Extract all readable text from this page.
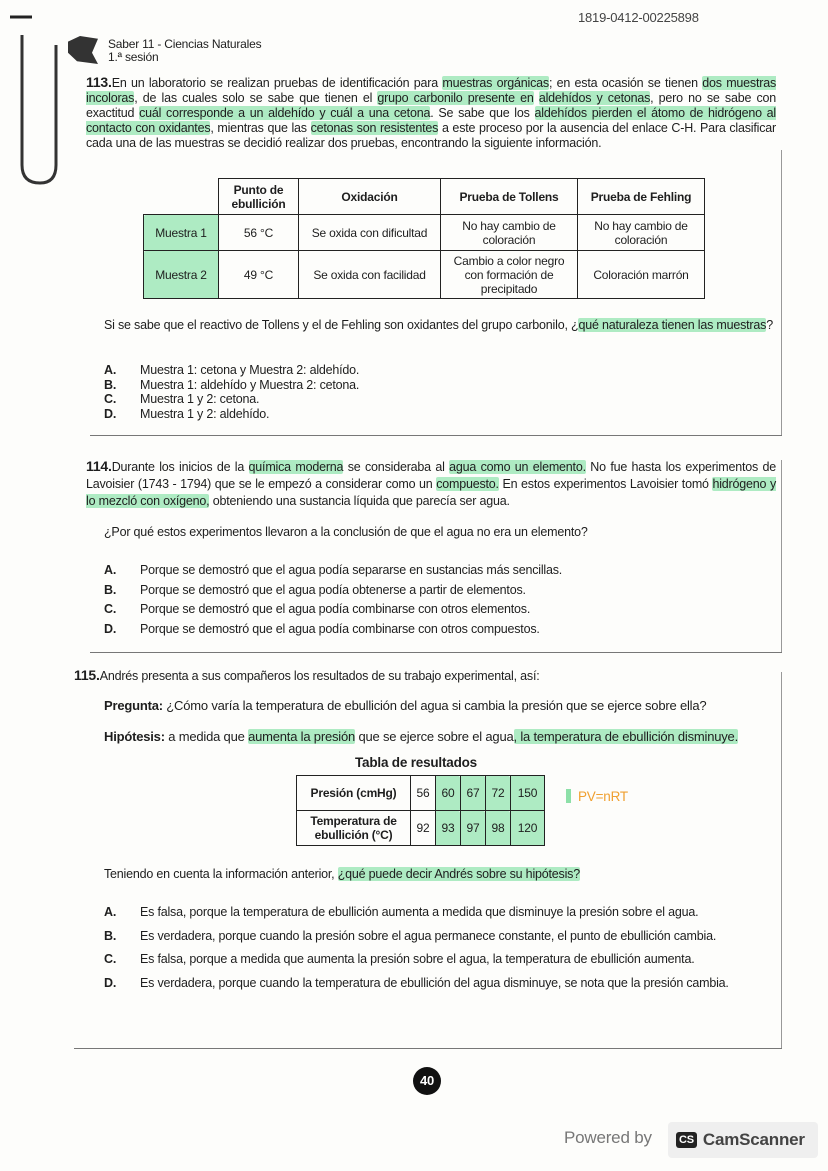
1819-0412-00225898
Saber 11 - Ciencias Naturales
1.ª sesión

113.En un laboratorio se realizan pruebas de identificación para muestras orgánicas; en esta ocasión se tienen dos muestras incoloras, de las cuales solo se sabe que tienen el grupo carbonilo presente en aldehídos y cetonas, pero no se sabe con exactitud cuál corresponde a un aldehído y cuál a una cetona. Se sabe que los aldehídos pierden el átomo de hidrógeno al contacto con oxidantes, mientras que las cetonas son resistentes a este proceso por la ausencia del enlace C-H. Para clasificar cada una de las muestras se decidió realizar dos pruebas, encontrando la siguiente información.

	Punto de ebullición	Oxidación	Prueba de Tollens	Prueba de Fehling
Muestra 1	56 °C	Se oxida con dificultad	No hay cambio de coloración	No hay cambio de coloración
Muestra 2	49 °C	Se oxida con facilidad	Cambio a color negro con formación de precipitado	Coloración marrón

Si se sabe que el reactivo de Tollens y el de Fehling son oxidantes del grupo carbonilo, ¿qué naturaleza tienen las muestras?

A.	Muestra 1: cetona y Muestra 2: aldehído.
B.	Muestra 1: aldehído y Muestra 2: cetona.
C.	Muestra 1 y 2: cetona.
D.	Muestra 1 y 2: aldehído.

114.Durante los inicios de la química moderna se consideraba al agua como un elemento. No fue hasta los experimentos de Lavoisier (1743 - 1794) que se le empezó a considerar como un compuesto. En estos experimentos Lavoisier tomó hidrógeno y lo mezcló con oxígeno, obteniendo una sustancia líquida que parecía ser agua.

¿Por qué estos experimentos llevaron a la conclusión de que el agua no era un elemento?

A.	Porque se demostró que el agua podía separarse en sustancias más sencillas.
B.	Porque se demostró que el agua podía obtenerse a partir de elementos.
C.	Porque se demostró que el agua podía combinarse con otros elementos.
D.	Porque se demostró que el agua podía combinarse con otros compuestos.

115.Andrés presenta a sus compañeros los resultados de su trabajo experimental, así:

Pregunta: ¿Cómo varía la temperatura de ebullición del agua si cambia la presión que se ejerce sobre ella?

Hipótesis: a medida que aumenta la presión que se ejerce sobre el agua, la temperatura de ebullición disminuye.

Tabla de resultados
Presión (cmHg)	56	60	67	72	150
Temperatura de ebullición (°C)	92	93	97	98	120
PV=nRT

Teniendo en cuenta la información anterior, ¿qué puede decir Andrés sobre su hipótesis?

A.	Es falsa, porque la temperatura de ebullición aumenta a medida que disminuye la presión sobre el agua.
B.	Es verdadera, porque cuando la presión sobre el agua permanece constante, el punto de ebullición cambia.
C.	Es falsa, porque a medida que aumenta la presión sobre el agua, la temperatura de ebullición aumenta.
D.	Es verdadera, porque cuando la temperatura de ebullición del agua disminuye, se nota que la presión cambia.
40
Powered by CS CamScanner
